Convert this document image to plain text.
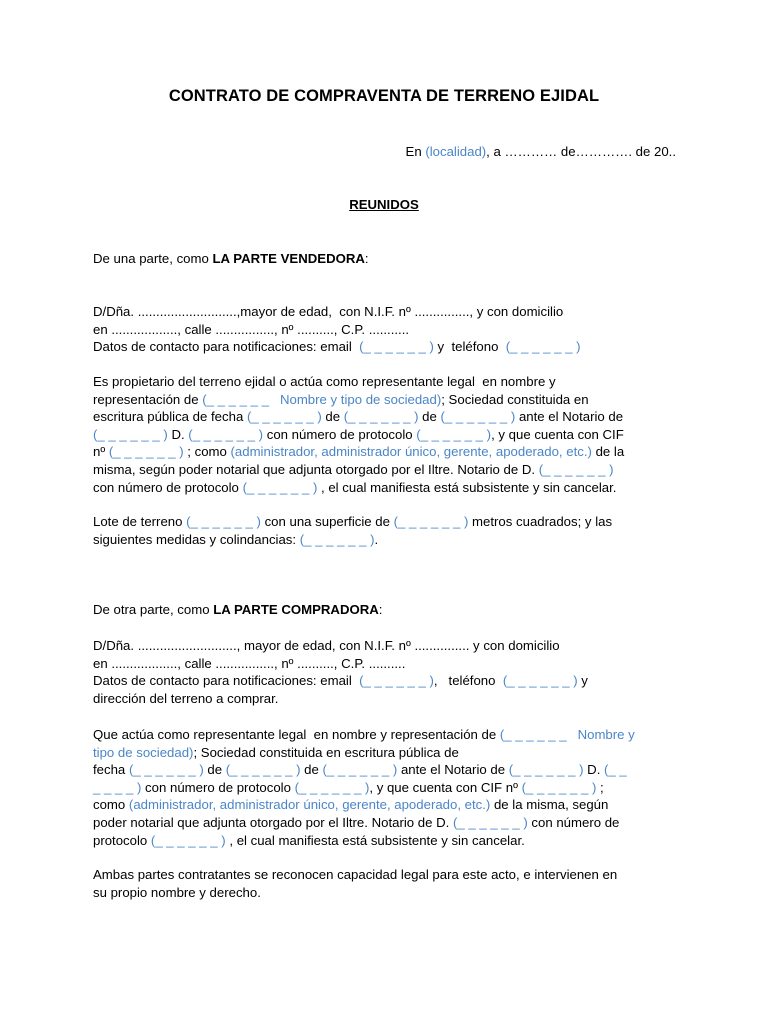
CONTRATO DE COMPRAVENTA DE TERRENO EJIDAL
En (localidad), a ………… de…………. de 20..
REUNIDOS
De una parte, como LA PARTE VENDEDORA:
D/Dña. ...........................,mayor de edad,  con N.I.F. nº ..............., y con domicilio
en .................., calle ................, nº .........., C.P. ...........
Datos de contacto para notificaciones: email  (_ _ _ _ _ _ ) y  teléfono  (_ _ _ _ _ _ )
Es propietario del terreno ejidal o actúa como representante legal  en nombre y
representación de (_ _ _ _ _ _   Nombre y tipo de sociedad); Sociedad constituida en
escritura pública de fecha (_ _ _ _ _ _ ) de (_ _ _ _ _ _ ) de (_ _ _ _ _ _ ) ante el Notario de
(_ _ _ _ _ _ ) D. (_ _ _ _ _ _ ) con número de protocolo (_ _ _ _ _ _ ), y que cuenta con CIF
nº (_ _ _ _ _ _ ) ; como (administrador, administrador único, gerente, apoderado, etc.) de la
misma, según poder notarial que adjunta otorgado por el Iltre. Notario de D. (_ _ _ _ _ _ )
con número de protocolo (_ _ _ _ _ _ ) , el cual manifiesta está subsistente y sin cancelar.
Lote de terreno (_ _ _ _ _ _ ) con una superficie de (_ _ _ _ _ _ ) metros cuadrados; y las
siguientes medidas y colindancias: (_ _ _ _ _ _ ).
De otra parte, como LA PARTE COMPRADORA:
D/Dña. ..........................., mayor de edad, con N.I.F. nº ............... y con domicilio
en .................., calle ................, nº .........., C.P. ..........
Datos de contacto para notificaciones: email  (_ _ _ _ _ _ ),   teléfono  (_ _ _ _ _ _ ) y
dirección del terreno a comprar.
Que actúa como representante legal  en nombre y representación de (_ _ _ _ _ _   Nombre y
tipo de sociedad); Sociedad constituida en escritura pública de
fecha (_ _ _ _ _ _ ) de (_ _ _ _ _ _ ) de (_ _ _ _ _ _ ) ante el Notario de (_ _ _ _ _ _ ) D. (_ _
_ _ _ _ ) con número de protocolo (_ _ _ _ _ _ ), y que cuenta con CIF nº (_ _ _ _ _ _ ) ;
como (administrador, administrador único, gerente, apoderado, etc.) de la misma, según
poder notarial que adjunta otorgado por el Iltre. Notario de D. (_ _ _ _ _ _ ) con número de
protocolo (_ _ _ _ _ _ ) , el cual manifiesta está subsistente y sin cancelar.
Ambas partes contratantes se reconocen capacidad legal para este acto, e intervienen en
su propio nombre y derecho.
